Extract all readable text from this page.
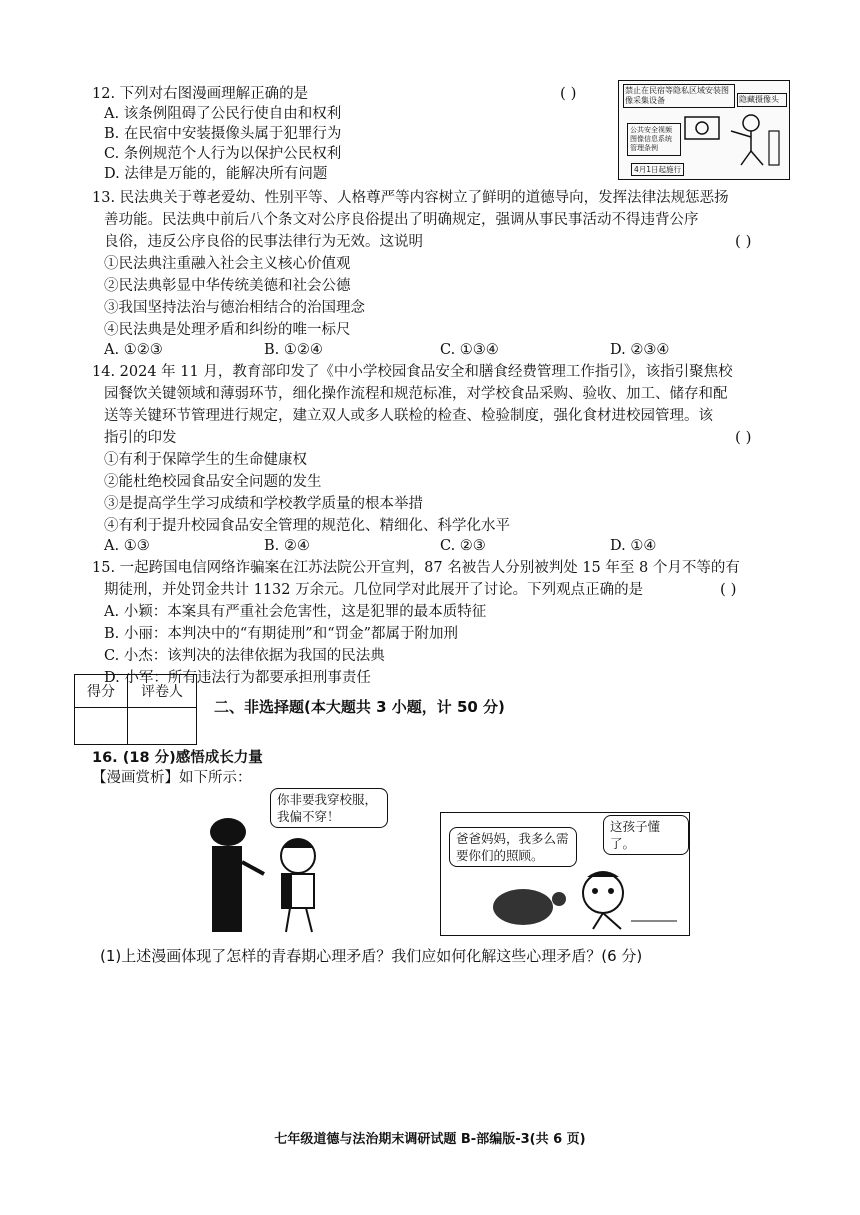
12. 下列对右图漫画理解正确的是	( )
A. 该条例阻碍了公民行使自由和权利
B. 在民宿中安装摄像头属于犯罪行为
C. 条例规范个人行为以保护公民权利
D. 法律是万能的，能解决所有问题
禁止在民宿等隐私区域安装图像采集设备	隐藏摄像头
公共安全视频图像信息系统管理条例
4月1日起施行
13. 民法典关于尊老爱幼、性别平等、人格尊严等内容树立了鲜明的道德导向，发挥法律法规惩恶扬
善功能。民法典中前后八个条文对公序良俗提出了明确规定，强调从事民事活动不得违背公序
良俗，违反公序良俗的民事法律行为无效。这说明	( )
①民法典注重融入社会主义核心价值观
②民法典彰显中华传统美德和社会公德
③我国坚持法治与德治相结合的治国理念
④民法典是处理矛盾和纠纷的唯一标尺
A. ①②③	B. ①②④	C. ①③④	D. ②③④
14. 2024 年 11 月，教育部印发了《中小学校园食品安全和膳食经费管理工作指引》，该指引聚焦校
园餐饮关键领域和薄弱环节，细化操作流程和规范标准，对学校食品采购、验收、加工、储存和配
送等关键环节管理进行规定，建立双人或多人联检的检查、检验制度，强化食材进校园管理。该
指引的印发	( )
①有利于保障学生的生命健康权
②能杜绝校园食品安全问题的发生
③是提高学生学习成绩和学校教学质量的根本举措
④有利于提升校园食品安全管理的规范化、精细化、科学化水平
A. ①③	B. ②④	C. ②③	D. ①④
15. 一起跨国电信网络诈骗案在江苏法院公开宣判，87 名被告人分别被判处 15 年至 8 个月不等的有
期徒刑，并处罚金共计 1132 万余元。几位同学对此展开了讨论。下列观点正确的是	( )
A. 小颖：本案具有严重社会危害性，这是犯罪的最本质特征
B. 小丽：本判决中的“有期徒刑”和“罚金”都属于附加刑
C. 小杰：该判决的法律依据为我国的民法典
D. 小军：所有违法行为都要承担刑事责任
得分	评卷人

二、非选择题(本大题共 3 小题，计 50 分)
16. (18 分)感悟成长力量
【漫画赏析】如下所示：
你非要我穿校服，我偏不穿！
爸爸妈妈，我多么需要你们的照顾。
这孩子懂了。
(1)上述漫画体现了怎样的青春期心理矛盾？我们应如何化解这些心理矛盾？(6 分)
七年级道德与法治期末调研试题 B-部编版-3(共 6 页)
